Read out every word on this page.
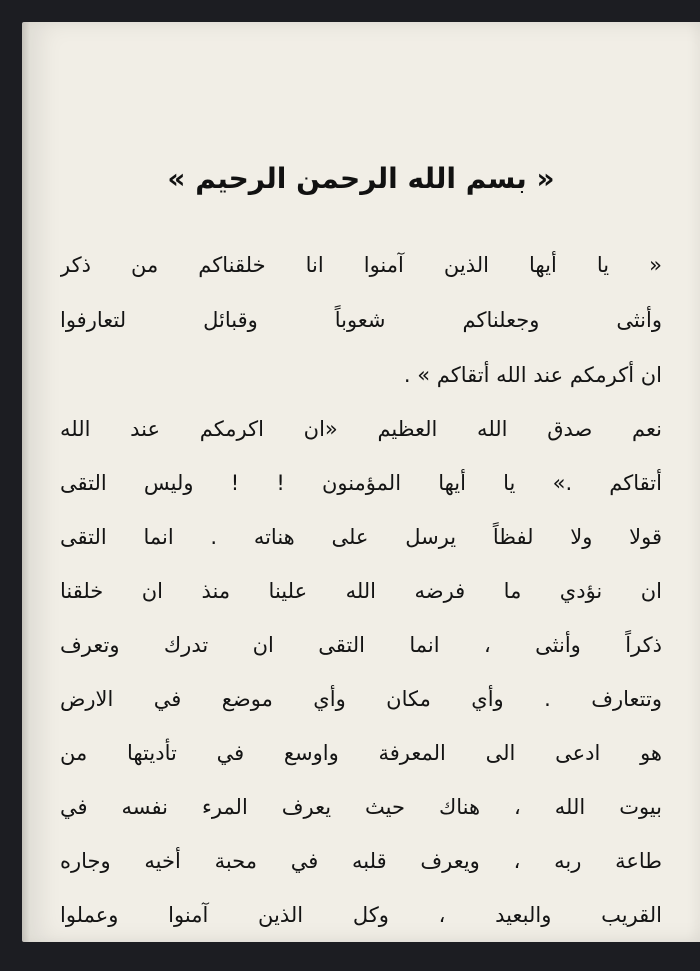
« بسم الله الرحمن الرحيم »
« يا أيها الذين آمنوا انا خلقناكم من ذكر
وأنثى وجعلناكم شعوباً وقبائل لتعارفوا
ان أكرمكم عند الله أتقاكم » .
نعم صدق الله العظيم «ان اكرمكم عند الله
أتقاكم .» يا أيها المؤمنون ! ! وليس التقى
قولا ولا لفظاً يرسل على هناته . انما التقى
ان نؤدي ما فرضه الله علينا منذ ان خلقنا
ذكراً وأنثى ، انما التقى ان تدرك وتعرف
وتتعارف . وأي مكان وأي موضع في الارض
هو ادعى الى المعرفة واوسع في تأديتها من
بيوت الله ، هناك حيث يعرف المرء نفسه في
طاعة ربه ، ويعرف قلبه في محبة أخيه وجاره
القريب والبعيد ، وكل الذين آمنوا وعملوا
